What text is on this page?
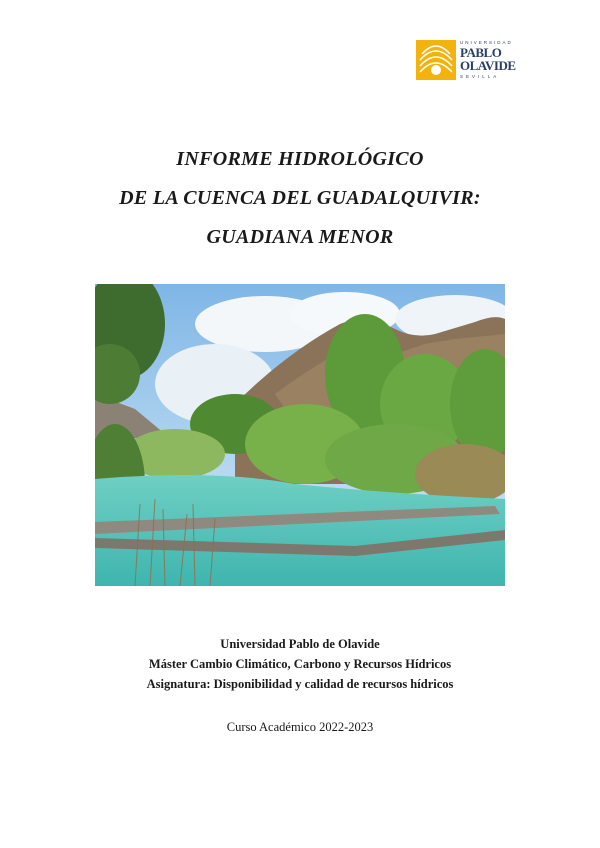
UNIVERSIDAD
PABLO
OLAVIDE
SEVILLA
INFORME HIDROLÓGICO
DE LA CUENCA DEL GUADALQUIVIR:
GUADIANA MENOR
Universidad Pablo de Olavide
Máster Cambio Climático, Carbono y Recursos Hídricos
Asignatura: Disponibilidad y calidad de recursos hídricos
Curso Académico 2022-2023
